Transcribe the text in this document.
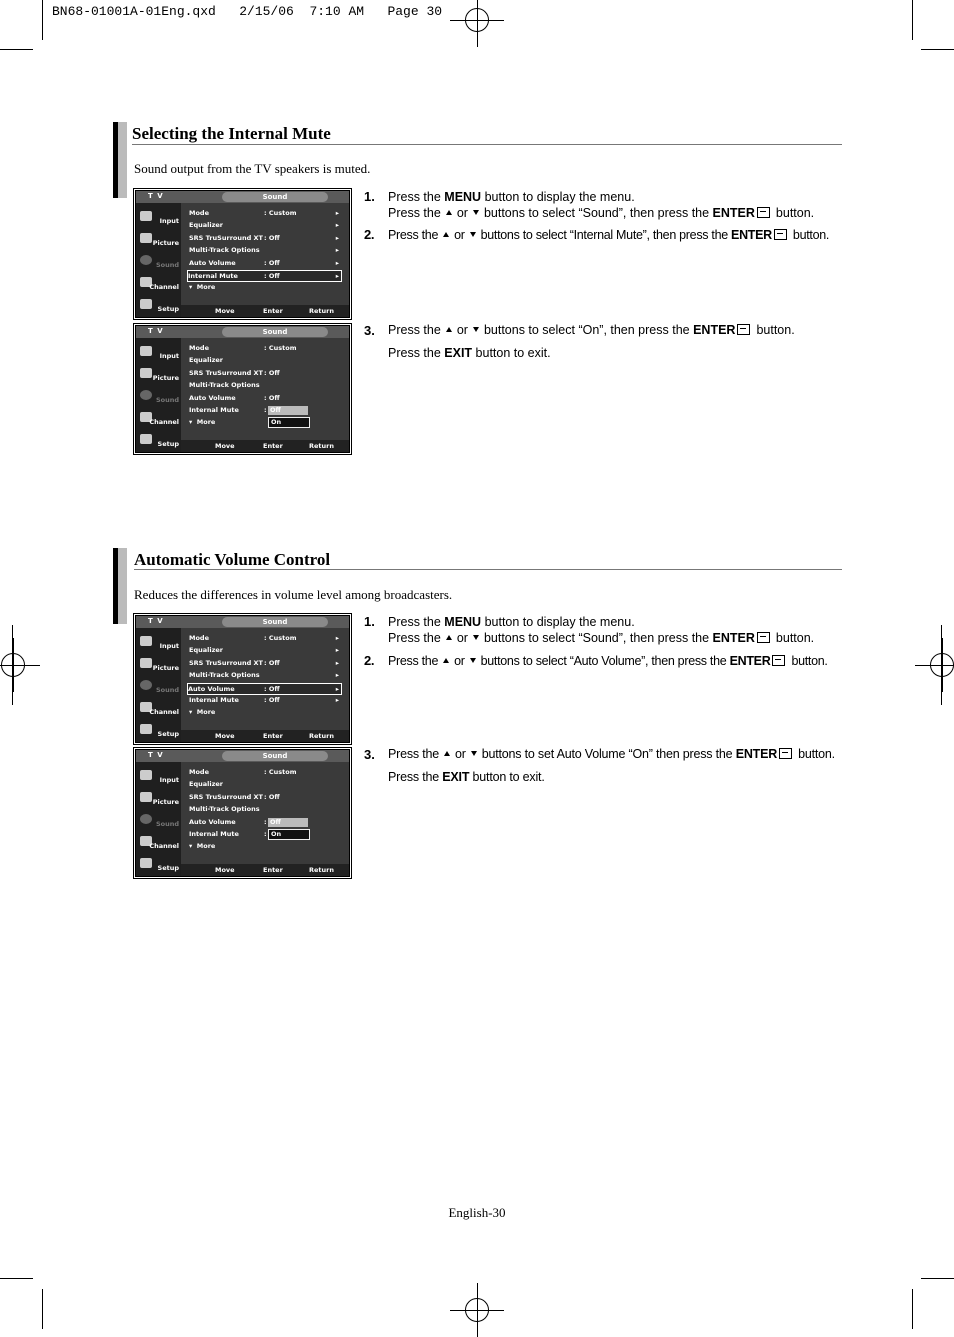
BN68-01001A-01Eng.qxd   2/15/06  7:10 AM   Page 30
Selecting the Internal Mute
Sound output from the TV speakers is muted.
1. Press the MENU button to display the menu.
Press the or buttons to select “Sound”, then press the ENTER button.
2. Press the or buttons to select “Internal Mute”, then press the ENTER button.
3. Press the or buttons to select “On”, then press the ENTER button.
Press the EXIT button to exit.
Automatic Volume Control
Reduces the differences in volume level among broadcasters.
1. Press the MENU button to display the menu.
Press the or buttons to select “Sound”, then press the ENTER button.
2. Press the or buttons to select “Auto Volume”, then press the ENTER button.
3. Press the or buttons to set Auto Volume “On” then press the ENTER button.
Press the EXIT button to exit.
T V	Sound
Input
Picture
Sound
Channel
Setup
Mode	: Custom	▸
Equalizer	▸
SRS TruSurround XT : Off	▸
Multi-Track Options	▸
Auto Volume	: Off	▸
Internal Mute	: Off	▸
▾ More
Move	Enter	Return
T V	Sound
Input
Picture
Sound
Channel
Setup
Mode	: Custom
Equalizer
SRS TruSurround XT : Off
Multi-Track Options
Auto Volume	: Off
Internal Mute	:
▾ More
Off
On
Move	Enter	Return
T V	Sound
Input
Picture
Sound
Channel
Setup
Mode	: Custom	▸
Equalizer	▸
SRS TruSurround XT : Off	▸
Multi-Track Options	▸
Auto Volume	: Off	▸
Internal Mute	: Off	▸
▾ More
Move	Enter	Return
T V	Sound
Input
Picture
Sound
Channel
Setup
Mode	: Custom
Equalizer
SRS TruSurround XT : Off
Multi-Track Options
Auto Volume	:
Internal Mute	:
▾ More
Off
On
Move	Enter	Return
English-30
